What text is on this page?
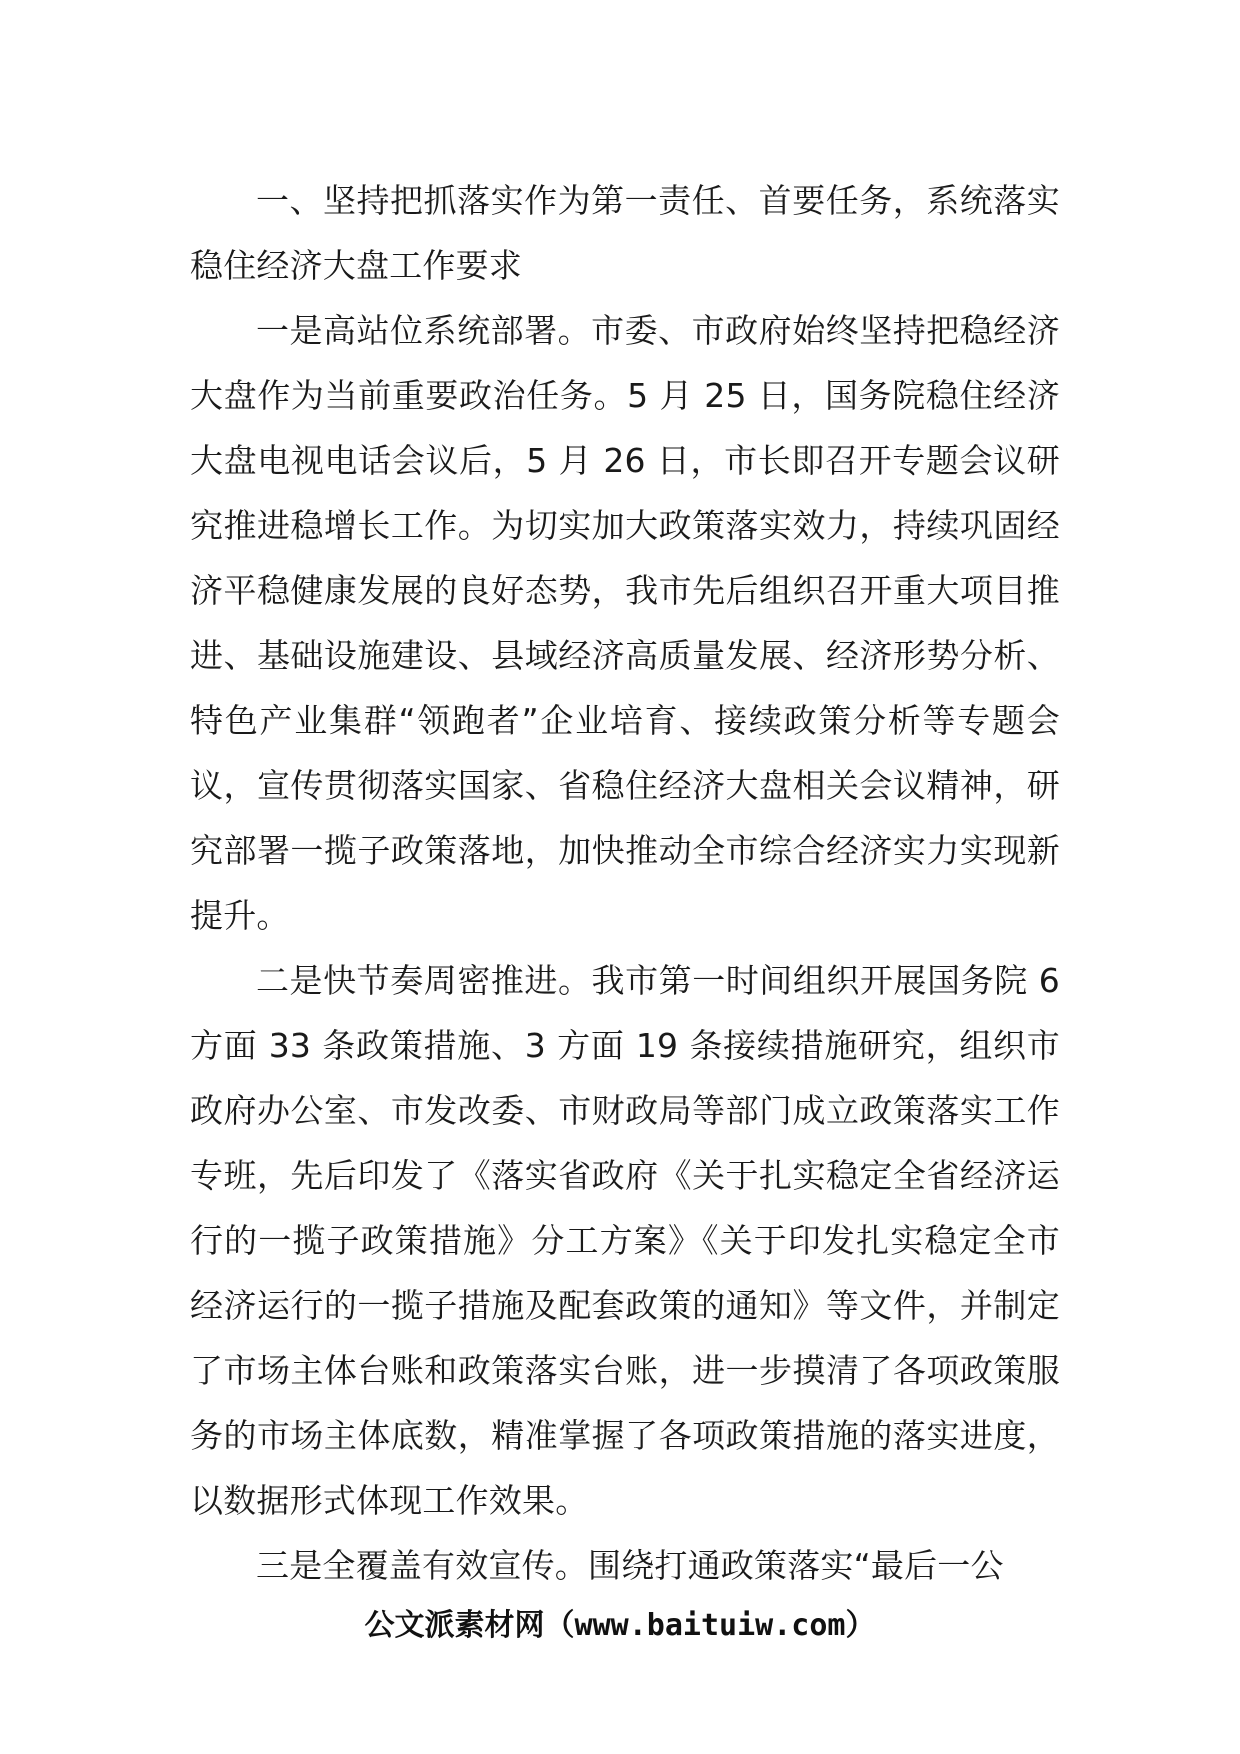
一、坚持把抓落实作为第一责任、首要任务，系统落实稳住经济大盘工作要求

一是高站位系统部署。市委、市政府始终坚持把稳经济大盘作为当前重要政治任务。5 月 25 日，国务院稳住经济大盘电视电话会议后，5 月 26 日，市长即召开专题会议研究推进稳增长工作。为切实加大政策落实效力，持续巩固经济平稳健康发展的良好态势，我市先后组织召开重大项目推进、基础设施建设、县域经济高质量发展、经济形势分析、特色产业集群“领跑者”企业培育、接续政策分析等专题会议，宣传贯彻落实国家、省稳住经济大盘相关会议精神，研究部署一揽子政策落地，加快推动全市综合经济实力实现新提升。

二是快节奏周密推进。我市第一时间组织开展国务院 6 方面 33 条政策措施、3 方面 19 条接续措施研究，组织市政府办公室、市发改委、市财政局等部门成立政策落实工作专班，先后印发了《落实省政府《关于扎实稳定全省经济运行的一揽子政策措施》分工方案》《关于印发扎实稳定全市经济运行的一揽子措施及配套政策的通知》等文件，并制定了市场主体台账和政策落实台账，进一步摸清了各项政策服务的市场主体底数，精准掌握了各项政策措施的落实进度，以数据形式体现工作效果。

三是全覆盖有效宣传。围绕打通政策落实“最后一公

公文派素材网（www.baituiw.com）
